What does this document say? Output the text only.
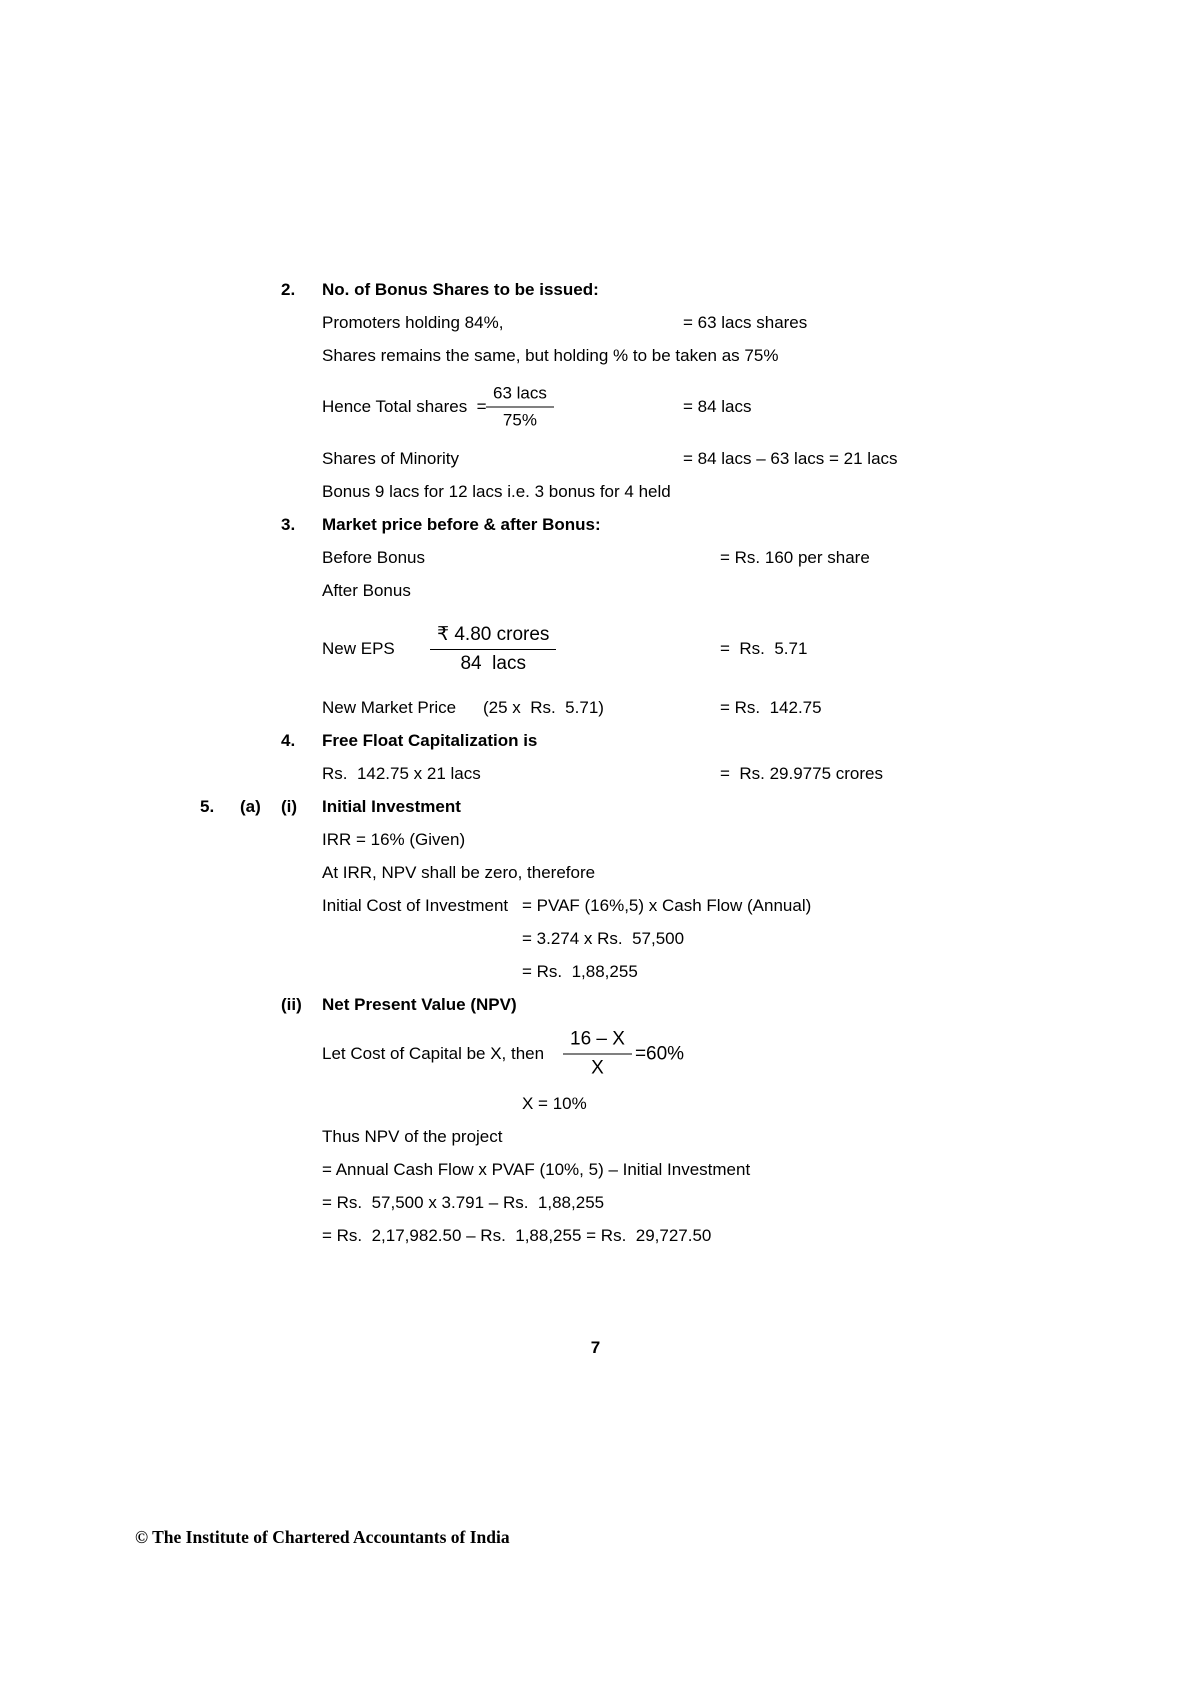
2. No. of Bonus Shares to be issued:
Promoters holding 84%,	= 63 lacs shares
Shares remains the same, but holding % to be taken as 75%
Hence Total shares  = $\frac{\text{63 lacs}}{75\%}$	= 84 lacs
Shares of Minority	= 84 lacs – 63 lacs = 21 lacs
Bonus 9 lacs for 12 lacs i.e. 3 bonus for 4 held
3. Market price before & after Bonus:
Before Bonus	= Rs. 160 per share
After Bonus
New EPS $\frac{\text{₹ 4.80 crores}}{\text{84  lacs}}$	=  Rs.  5.71
New Market Price (25 x  Rs.  5.71)	= Rs.  142.75
4. Free Float Capitalization is
Rs.  142.75 x 21 lacs	=  Rs. 29.9775 crores
5. (a) (i) Initial Investment
IRR = 16% (Given)
At IRR, NPV shall be zero, therefore
Initial Cost of Investment = PVAF (16%,5) x Cash Flow (Annual)
= 3.274 x Rs.  57,500
= Rs.  1,88,255
(ii) Net Present Value (NPV)
Let Cost of Capital be X, then $\frac{16 - X}{X} =60\%$
X = 10%
Thus NPV of the project
= Annual Cash Flow x PVAF (10%, 5) – Initial Investment
= Rs.  57,500 x 3.791 – Rs.  1,88,255
= Rs.  2,17,982.50 – Rs.  1,88,255 = Rs.  29,727.50
7
© The Institute of Chartered Accountants of India
